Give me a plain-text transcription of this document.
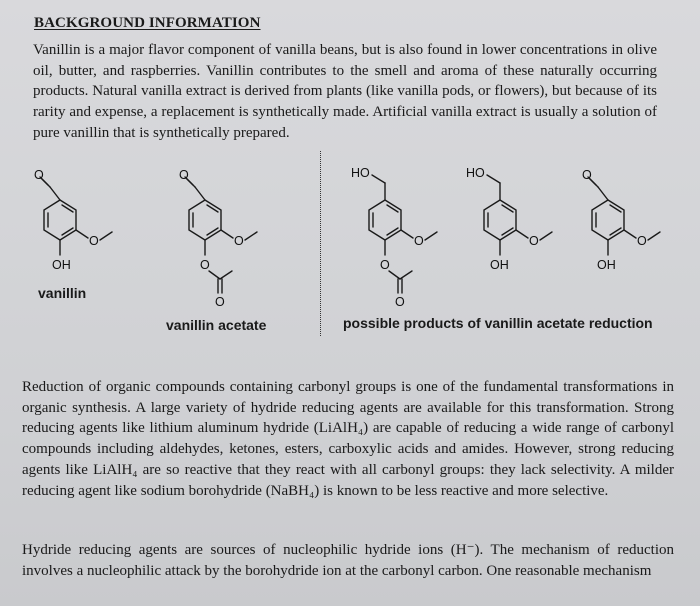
BACKGROUND INFORMATION
Vanillin is a major flavor component of vanilla beans, but is also found in lower concentrations in olive oil, butter, and raspberries. Vanillin contributes to the smell and aroma of these naturally occurring products. Natural vanilla extract is derived from plants (like vanilla pods, or flowers), but because of its rarity and expense, a replacement is synthetically made. Artificial vanilla extract is usually a solution of pure vanillin that is synthetically prepared.
O
O
OH
O
O
O
O
HO
O
O
O
HO
O
OH
O
O
OH
vanillin
vanillin acetate	possible products of vanillin acetate reduction
Reduction of organic compounds containing carbonyl groups is one of the fundamental transformations in organic synthesis. A large variety of hydride reducing agents are available for this transformation. Strong reducing agents like lithium aluminum hydride (LiAlH₄) are capable of reducing a wide range of carbonyl compounds including aldehydes, ketones, esters, carboxylic acids and amides. However, strong reducing agents like LiAlH₄ are so reactive that they react with all carbonyl groups: they lack selectivity. A milder reducing agent like sodium borohydride (NaBH₄) is known to be less reactive and more selective.
Hydride reducing agents are sources of nucleophilic hydride ions (H⁻). The mechanism of reduction involves a nucleophilic attack by the borohydride ion at the carbonyl carbon. One reasonable mechanism
